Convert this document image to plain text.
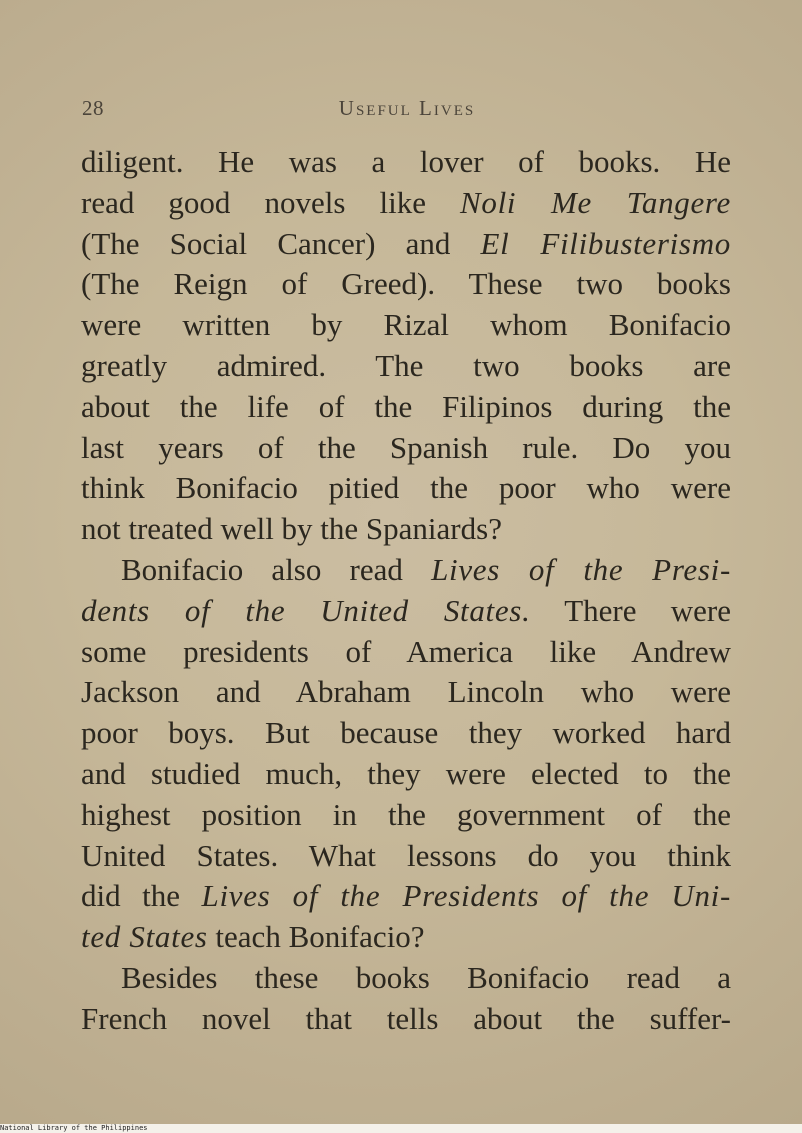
28	Useful Lives
diligent. He was a lover of books. He
read good novels like Noli Me Tangere
(The Social Cancer) and El Filibusterismo
(The Reign of Greed). These two books
were written by Rizal whom Bonifacio
greatly admired. The two books are
about the life of the Filipinos during the
last years of the Spanish rule. Do you
think Bonifacio pitied the poor who were
not treated well by the Spaniards?
Bonifacio also read Lives of the Presi-
dents of the United States. There were
some presidents of America like Andrew
Jackson and Abraham Lincoln who were
poor boys. But because they worked hard
and studied much, they were elected to the
highest position in the government of the
United States. What lessons do you think
did the Lives of the Presidents of the Uni-
ted States teach Bonifacio?
Besides these books Bonifacio read a
French novel that tells about the suffer-
National Library of the Philippines
